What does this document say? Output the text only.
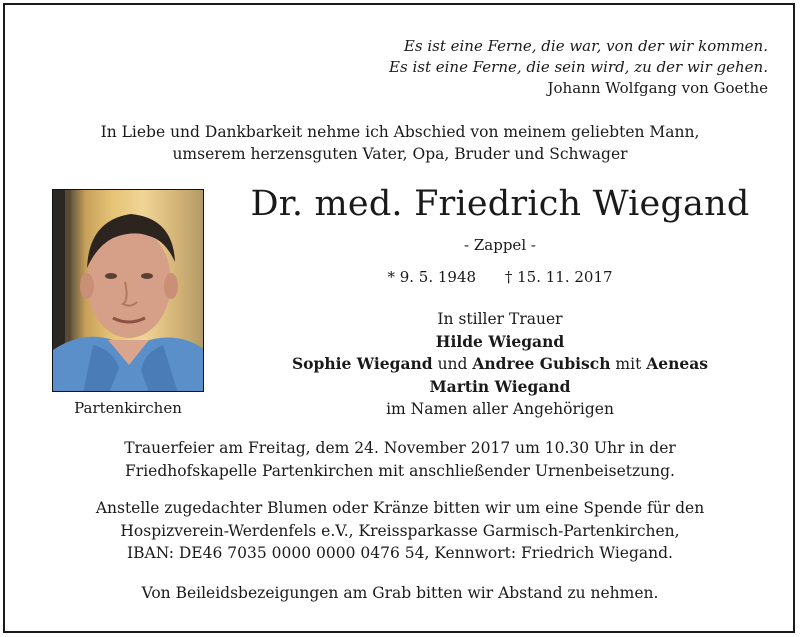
Es ist eine Ferne, die war, von der wir kommen.
Es ist eine Ferne, die sein wird, zu der wir gehen.
Johann Wolfgang von Goethe
In Liebe und Dankbarkeit nehme ich Abschied von meinem geliebten Mann,
umserem herzensguten Vater, Opa, Bruder und Schwager
Partenkirchen
Dr. med. Friedrich Wiegand
- Zappel -
* 9. 5. 1948 † 15. 11. 2017
In stiller Trauer
Hilde Wiegand
Sophie Wiegand und Andree Gubisch mit Aeneas
Martin Wiegand
im Namen aller Angehörigen
Trauerfeier am Freitag, dem 24. November 2017 um 10.30 Uhr in der
Friedhofskapelle Partenkirchen mit anschließender Urnenbeisetzung.
Anstelle zugedachter Blumen oder Kränze bitten wir um eine Spende für den
Hospizverein-Werdenfels e.V., Kreissparkasse Garmisch-Partenkirchen,
IBAN: DE46 7035 0000 0000 0476 54, Kennwort: Friedrich Wiegand.
Von Beileidsbezeigungen am Grab bitten wir Abstand zu nehmen.
